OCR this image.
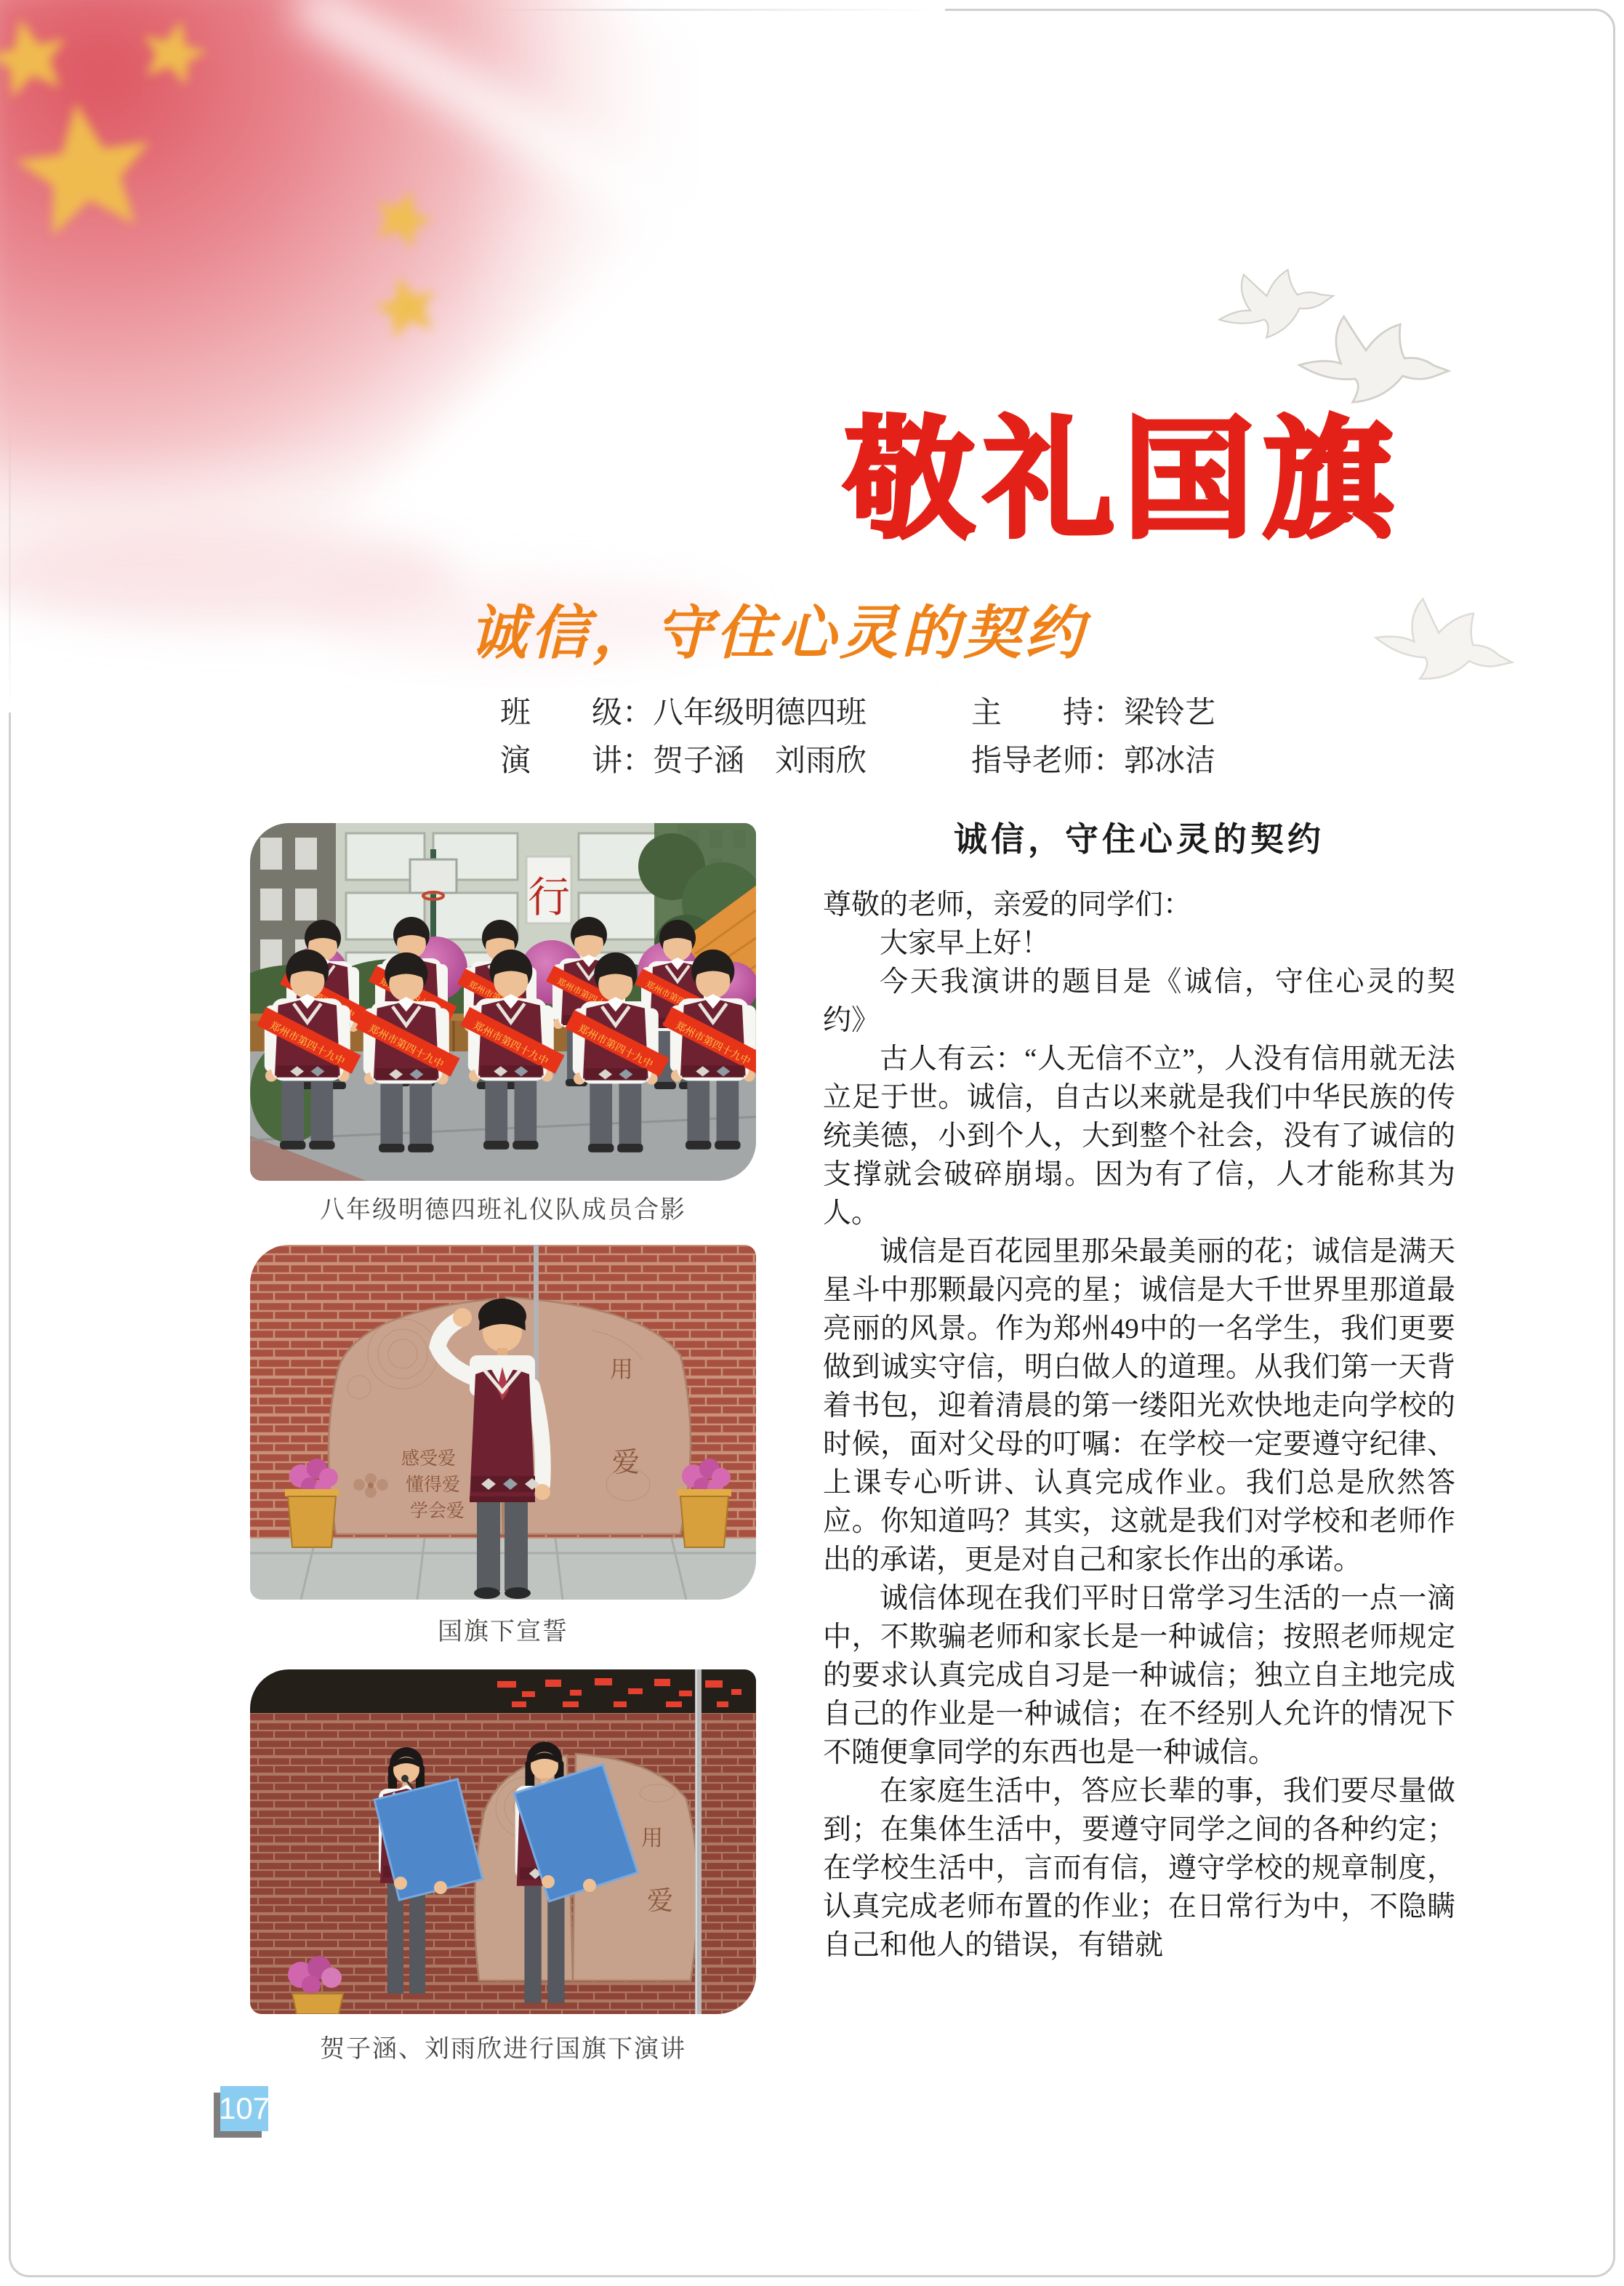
敬礼国旗
诚信，守住心灵的契约
班　　级：八年级明德四班	主　　持：梁铃艺
演　　讲：贺子涵　刘雨欣	指导老师：郭冰洁
行
八年级明德四班礼仪队成员合影
感受爱
懂得爱
学会爱
用
爱
国旗下宣誓
用
爱
贺子涵、刘雨欣进行国旗下演讲
诚信，守住心灵的契约

尊敬的老师，亲爱的同学们：

大家早上好！

今天我演讲的题目是《诚信，守住心灵的契约》

古人有云：“人无信不立”，人没有信用就无法立足于世。诚信，自古以来就是我们中华民族的传统美德，小到个人，大到整个社会，没有了诚信的支撑就会破碎崩塌。因为有了信，人才能称其为人。

诚信是百花园里那朵最美丽的花；诚信是满天星斗中那颗最闪亮的星；诚信是大千世界里那道最亮丽的风景。作为郑州49中的一名学生，我们更要做到诚实守信，明白做人的道理。从我们第一天背着书包，迎着清晨的第一缕阳光欢快地走向学校的时候，面对父母的叮嘱：在学校一定要遵守纪律、上课专心听讲、认真完成作业。我们总是欣然答应。你知道吗？其实，这就是我们对学校和老师作出的承诺，更是对自己和家长作出的承诺。

诚信体现在我们平时日常学习生活的一点一滴中，不欺骗老师和家长是一种诚信；按照老师规定的要求认真完成自习是一种诚信；独立自主地完成自己的作业是一种诚信；在不经别人允许的情况下不随便拿同学的东西也是一种诚信。

在家庭生活中，答应长辈的事，我们要尽量做到；在集体生活中，要遵守同学之间的各种约定；在学校生活中，言而有信，遵守学校的规章制度，认真完成老师布置的作业；在日常行为中，不隐瞒自己和他人的错误，有错就

107
